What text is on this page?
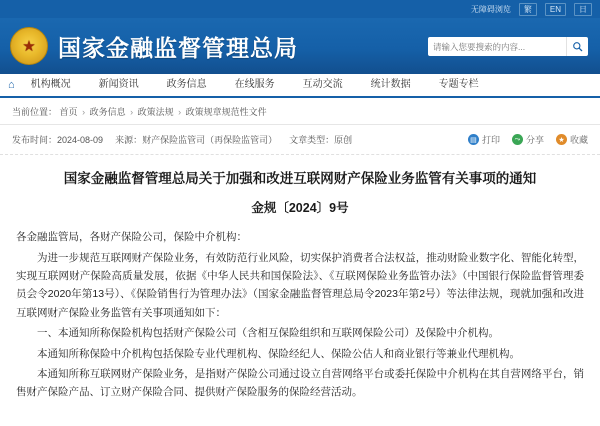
无障碍浏览	繁	EN	日
★ 国家金融监督管理总局
请输入您要搜索的内容...
⌂	机构概况	新闻资讯	政务信息	在线服务	互动交流	统计数据	专题专栏
当前位置： 首页 › 政务信息 › 政策法规 › 政策规章规范性文件
发布时间：2024-08-09 来源：财产保险监管司（再保险监管司） 文章类型：原创	▤ 打印	⤳ 分享	★ 收藏
国家金融监督管理总局关于加强和改进互联网财产保险业务监管有关事项的通知
金规〔2024〕9号

各金融监管局，各财产保险公司，保险中介机构：

为进一步规范互联网财产保险业务，有效防范行业风险，切实保护消费者合法权益，推动财险业数字化、智能化转型，实现互联网财产保险高质量发展，依据《中华人民共和国保险法》、《互联网保险业务监管办法》（中国银行保险监督管理委员会令2020年第13号）、《保险销售行为管理办法》（国家金融监督管理总局令2023年第2号）等法律法规，现就加强和改进互联网财产保险业务监管有关事项通知如下：

一、本通知所称保险机构包括财产保险公司（含相互保险组织和互联网保险公司）及保险中介机构。

本通知所称保险中介机构包括保险专业代理机构、保险经纪人、保险公估人和商业银行等兼业代理机构。

本通知所称互联网财产保险业务，是指财产保险公司通过设立自营网络平台或委托保险中介机构在其自营网络平台，销售财产保险产品、订立财产保险合同、提供财产保险服务的保险经营活动。
